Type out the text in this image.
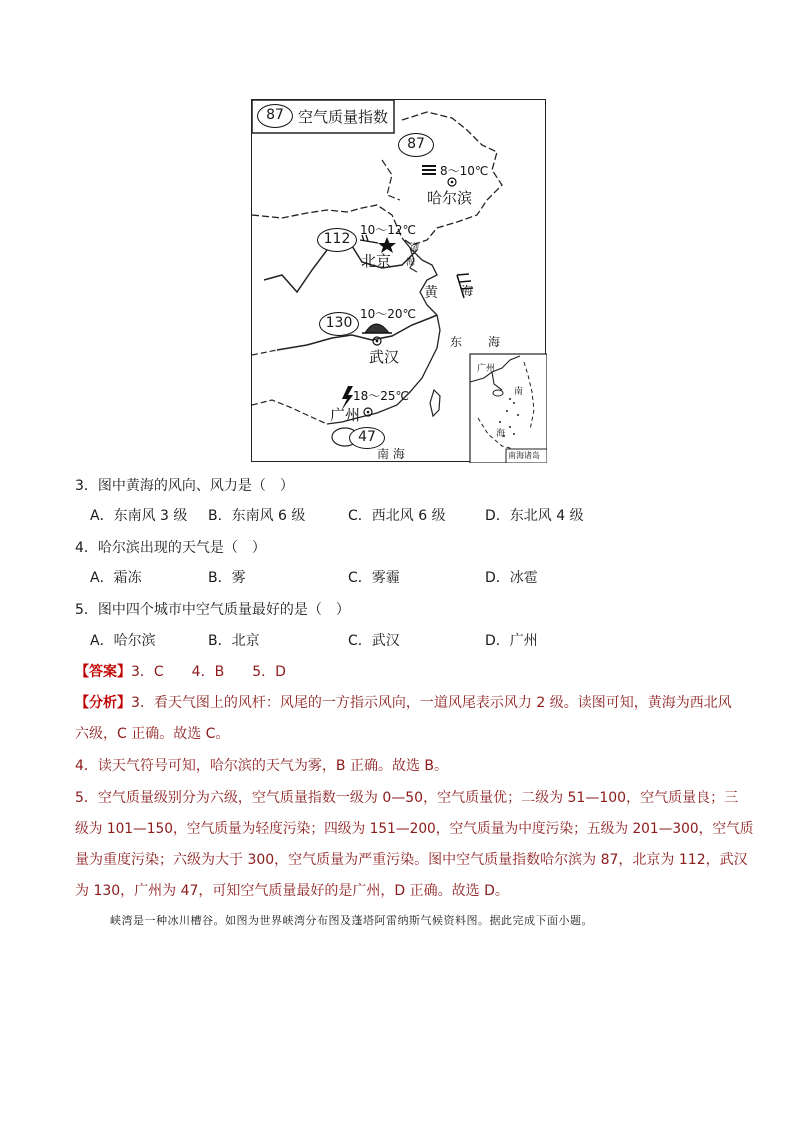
87 空气质量指数
87
8～10℃
哈尔滨
10～12℃
112
北京
渤
海
黄 海
10～20℃
130
武汉
东 海
18～25℃
广州
47
南 海
广州
南
海
南海诸岛
3．图中黄海的风向、风力是（　）
A．东南风 3 级 B．东南风 6 级	C．西北风 6 级	D．东北风 4 级
4．哈尔滨出现的天气是（　）
A．霜冻	B．雾	C．雾霾	D．冰雹
5．图中四个城市中空气质量最好的是（　）
A．哈尔滨	B．北京	C．武汉	D．广州
【答案】3．C　　4．B　　5．D
【分析】3．看天气图上的风杆：风尾的一方指示风向，一道风尾表示风力 2 级。读图可知，黄海为西北风
六级，C 正确。故选 C。
4．读天气符号可知，哈尔滨的天气为雾，B 正确。故选 B。
5．空气质量级别分为六级，空气质量指数一级为 0—50，空气质量优；二级为 51—100，空气质量良；三
级为 101—150，空气质量为轻度污染；四级为 151—200，空气质量为中度污染；五级为 201—300，空气质
量为重度污染；六级为大于 300，空气质量为严重污染。图中空气质量指数哈尔滨为 87，北京为 112，武汉
为 130，广州为 47，可知空气质量最好的是广州，D 正确。故选 D。
峡湾是一种冰川槽谷。如图为世界峡湾分布图及蓬塔阿雷纳斯气候资料图。据此完成下面小题。
